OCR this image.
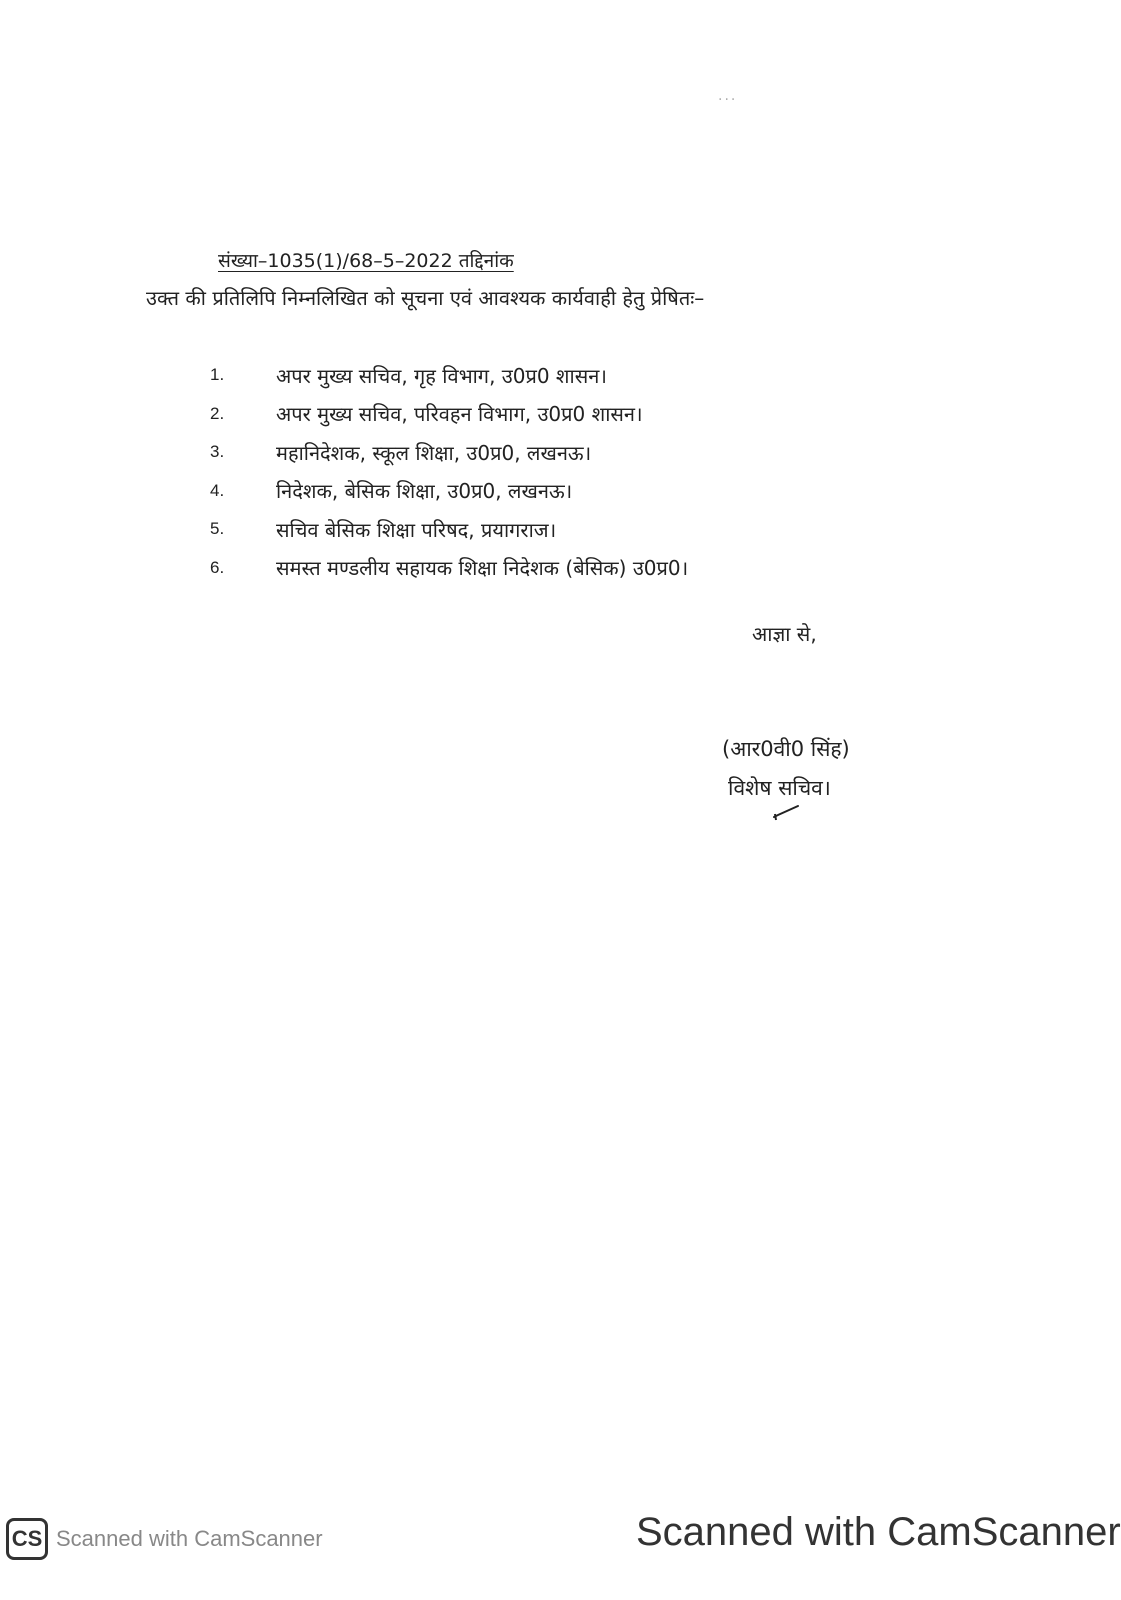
...
संख्या–1035(1)/68–5–2022 तद्दिनांक
उक्त की प्रतिलिपि निम्नलिखित को सूचना एवं आवश्यक कार्यवाही हेतु प्रेषितः–
1.	अपर मुख्य सचिव, गृह विभाग, उ0प्र0 शासन।
2.	अपर मुख्य सचिव, परिवहन विभाग, उ0प्र0 शासन।
3.	महानिदेशक, स्कूल शिक्षा, उ0प्र0, लखनऊ।
4.	निदेशक, बेसिक शिक्षा, उ0प्र0, लखनऊ।
5.	सचिव बेसिक शिक्षा परिषद, प्रयागराज।
6.	समस्त मण्डलीय सहायक शिक्षा निदेशक (बेसिक) उ0प्र0।
आज्ञा से,
(आर0वी0 सिंह)
विशेष सचिव।
Scanned with CamScanner
CS Scanned with CamScanner
